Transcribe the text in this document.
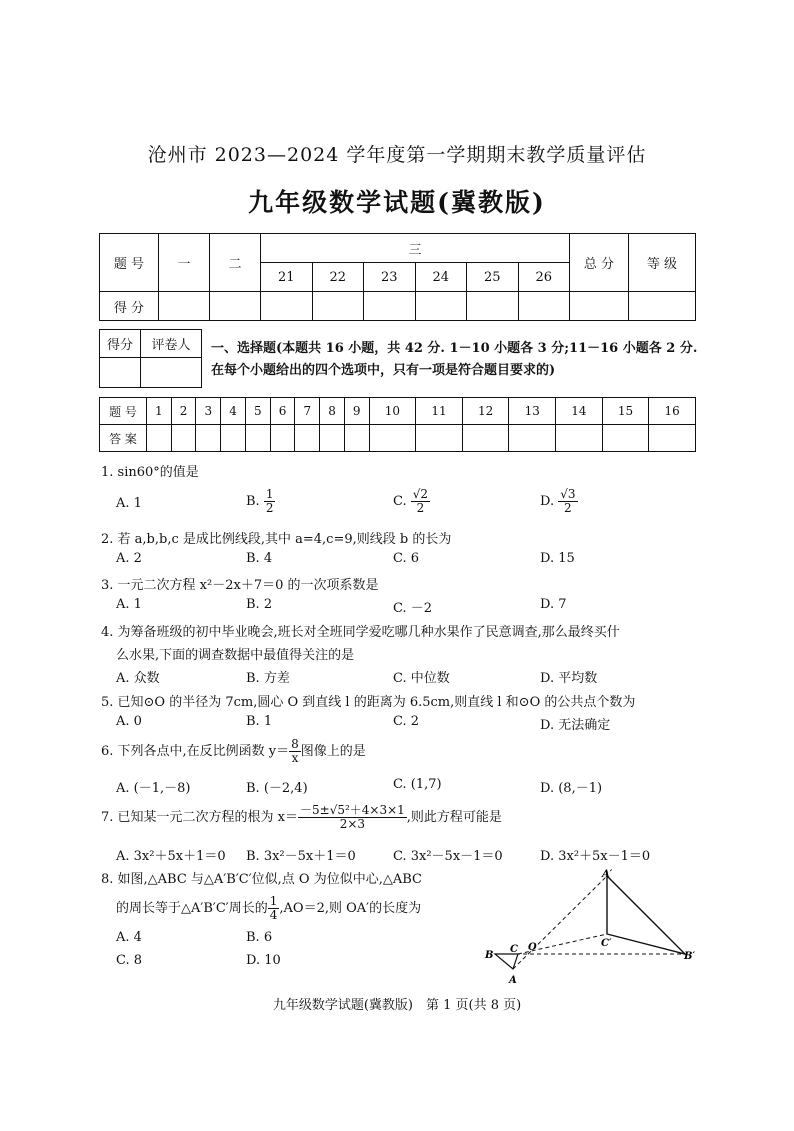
沧州市 2023—2024 学年度第一学期期末教学质量评估
九年级数学试题(冀教版)
题 号	一	二	三						总 分	等 级
			21	22	23	24	25	26		
得 分										
得分	评卷人
	一、选择题(本题共 16 小题，共 42 分. 1－10 小题各 3 分;11－16 小题各 2 分. 在每个小题给出的四个选项中，只有一项是符合题目要求的)
题 号	1	2	3	4	5	6	7	8	9	10	11	12	13	14	15	16
答 案																
1. sin60°的值是
A. 1	B. $\frac{1}{2}$	C. $\frac{√2}{2}$	D. $\frac{√3}{2}$
2. 若 a,b,b,c 是成比例线段,其中 a=4,c=9,则线段 b 的长为
A. 2	B. 4	C. 6	D. 15
3. 一元二次方程 x²－2x＋7＝0 的一次项系数是
A. 1	B. 2	C. －2	D. 7
4. 为筹备班级的初中毕业晚会,班长对全班同学爱吃哪几种水果作了民意调查,那么最终买什
么水果,下面的调查数据中最值得关注的是
A. 众数	B. 方差	C. 中位数	D. 平均数
5. 已知⊙O 的半径为 7cm,圆心 O 到直线 l 的距离为 6.5cm,则直线 l 和⊙O 的公共点个数为
A. 0	B. 1	C. 2	D. 无法确定
6. 下列各点中,在反比例函数 $y= \frac{8}{x}$ 图像上的是
A. (－1,－8)	B. (－2,4)	C. (1,7)	D. (8,－1)
7. 已知某一元二次方程的根为 $x= \frac{\text{－5±√5²＋4×3×1}}{2\times 3}$ ,则此方程可能是
A. 3x²＋5x＋1＝0 B. 3x²－5x＋1＝0	C. 3x²－5x－1＝0	D. 3x²＋5x－1＝0
8. 如图,△ABC 与△A′B′C′位似,点 O 为位似中心,△ABC
的周长等于△A′B′C′周长的 $\frac{1}{4} ,AO=2$,则 OA′的长度为
A. 4	B. 6
C. 8	D. 10
A′
B
C O	C′
B′
A
九年级数学试题(冀教版)　第 1 页(共 8 页)
